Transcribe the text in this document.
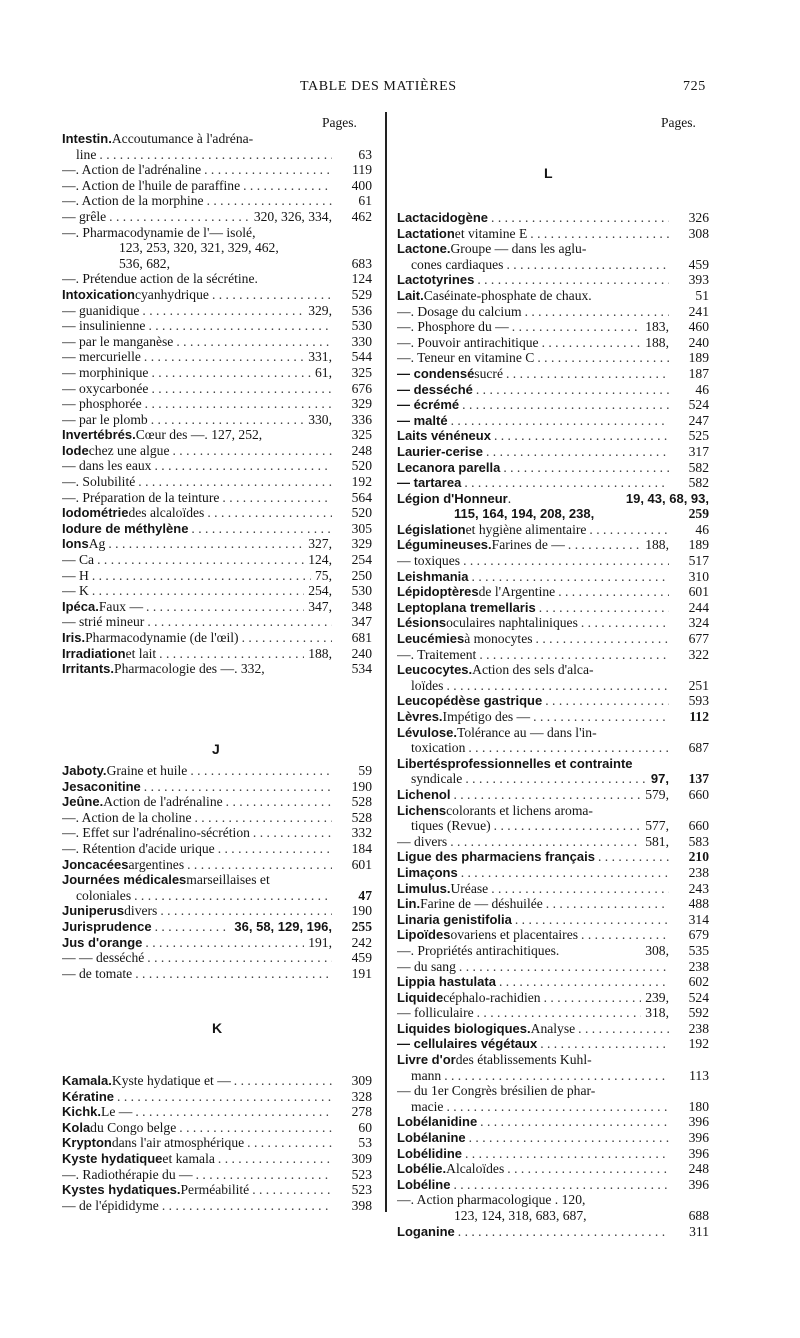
TABLE DES MATIÈRES	725
Pages.	Pages.
Intestin. Accoutumance à l'adréna-
line . . .	63
—. Action de l'adrénaline . . .	119
—. Action de l'huile de paraffine . . .	400
—. Action de la morphine . . .	61
— grêle . . .	320, 326, 334,	462
—. Pharmacodynamie de l'— isolé,
123, 253, 320, 321, 329, 462,
536, 682,	683
—. Prétendue action de la sécrétine.	124
Intoxication cyanhydrique . . .	529
— guanidique . . .	329,	536
— insulinienne . . .	530
— par le manganèse . . .	330
— mercurielle . . .	331,	544
— morphinique . . .	61,	325
— oxycarbonée . . .	676
— phosphorée . . .	329
— par le plomb . . .	330,	336
Invertébrés. Cœur des —. 127, 252,	325
Iode chez une algue . . .	248
— dans les eaux . . .	520
—. Solubilité . . .	192
—. Préparation de la teinture . . .	564
Iodométrie des alcaloïdes . . .	520
Iodure de méthylène . . .	305
Ions Ag . . .	327,	329
— Ca . . .	124,	254
— H . . .	75,	250
— K . . .	254,	530
Ipéca. Faux — . . .	347,	348
— strié mineur . . .	347
Iris. Pharmacodynamie (de l'œil) . . .	681
Irradiation et lait . . .	188,	240
Irritants. Pharmacologie des —. 332,	534
J
Jaboty. Graine et huile . . .	59
Jesaconitine . . .	190
Jeûne. Action de l'adrénaline . . .	528
—. Action de la choline . . .	528
—. Effet sur l'adrénalino-sécrétion . . .	332
—. Rétention d'acide urique . . .	184
Joncacées argentines . . .	601
Journées médicales marseillaises et
coloniales . . .	47
Juniperus divers . . .	190
Jurisprudence . . .	36, 58, 129, 196,	255
Jus d'orange . . .	191,	242
— — desséché . . .	459
— de tomate . . .	191
K
Kamala. Kyste hydatique et — . . .	309
Kératine . . .	328
Kichk. Le — . . .	278
Kola du Congo belge . . .	60
Krypton dans l'air atmosphérique . . .	53
Kyste hydatique et kamala . . .	309
—. Radiothérapie du — . . .	523
Kystes hydatiques. Perméabilité . . .	523
— de l'épididyme . . .	398
L
Lactacidogène . . .	326
Lactation et vitamine E . . .	308
Lactone. Groupe — dans les aglu-
cones cardiaques . . .	459
Lactotyrines . . .	393
Lait. Caséinate-phosphate de chaux.	51
—. Dosage du calcium . . .	241
—. Phosphore du — . . .	183,	460
—. Pouvoir antirachitique . . .	188,	240
—. Teneur en vitamine C . . .	189
— condensé sucré . . .	187
— desséché . . .	46
— écrémé . . .	524
— malté . . .	247
Laits vénéneux . . .	525
Laurier-cerise . . .	317
Lecanora parella . . .	582
— tartarea . . .	582
Légion d'Honneur .	19, 43, 68, 93,
115, 164, 194, 208, 238,	259
Législation et hygiène alimentaire . . .	46
Légumineuses. Farines de — . . .	188,	189
— toxiques . . .	517
Leishmania . . .	310
Lépidoptères de l'Argentine . . .	601
Leptoplana tremellaris . . .	244
Lésions oculaires naphtaliniques . . .	324
Leucémies à monocytes . . .	677
—. Traitement . . .	322
Leucocytes. Action des sels d'alca-
loïdes . . .	251
Leucopédèse gastrique . . .	593
Lèvres. Impétigo des — . . .	112
Lévulose. Tolérance au — dans l'in-
toxication . . .	687
Libertés professionnelles et contrainte
syndicale . . .	97,	137
Lichenol . . .	579,	660
Lichens colorants et lichens aroma-
tiques (Revue) . . .	577,	660
— divers . . .	581,	583
Ligue des pharmaciens français . . .	210
Limaçons . . .	238
Limulus. Uréase . . .	243
Lin. Farine de — déshuilée . . .	488
Linaria genistifolia . . .	314
Lipoïdes ovariens et placentaires . . .	679
—. Propriétés antirachitiques.	308,	535
— du sang . . .	238
Lippia hastulata . . .	602
Liquide céphalo-rachidien . . .	239,	524
— folliculaire . . .	318,	592
Liquides biologiques. Analyse . . .	238
— cellulaires végétaux . . .	192
Livre d'or des établissements Kuhl-
mann . . .	113
— du 1er Congrès brésilien de phar-
macie . . .	180
Lobélanidine . . .	396
Lobélanine . . .	396
Lobélidine . . .	396
Lobélie. Alcaloïdes . . .	248
Lobéline . . .	396
—. Action pharmacologique . 120,
123, 124, 318, 683, 687,	688
Loganine . . .	311
